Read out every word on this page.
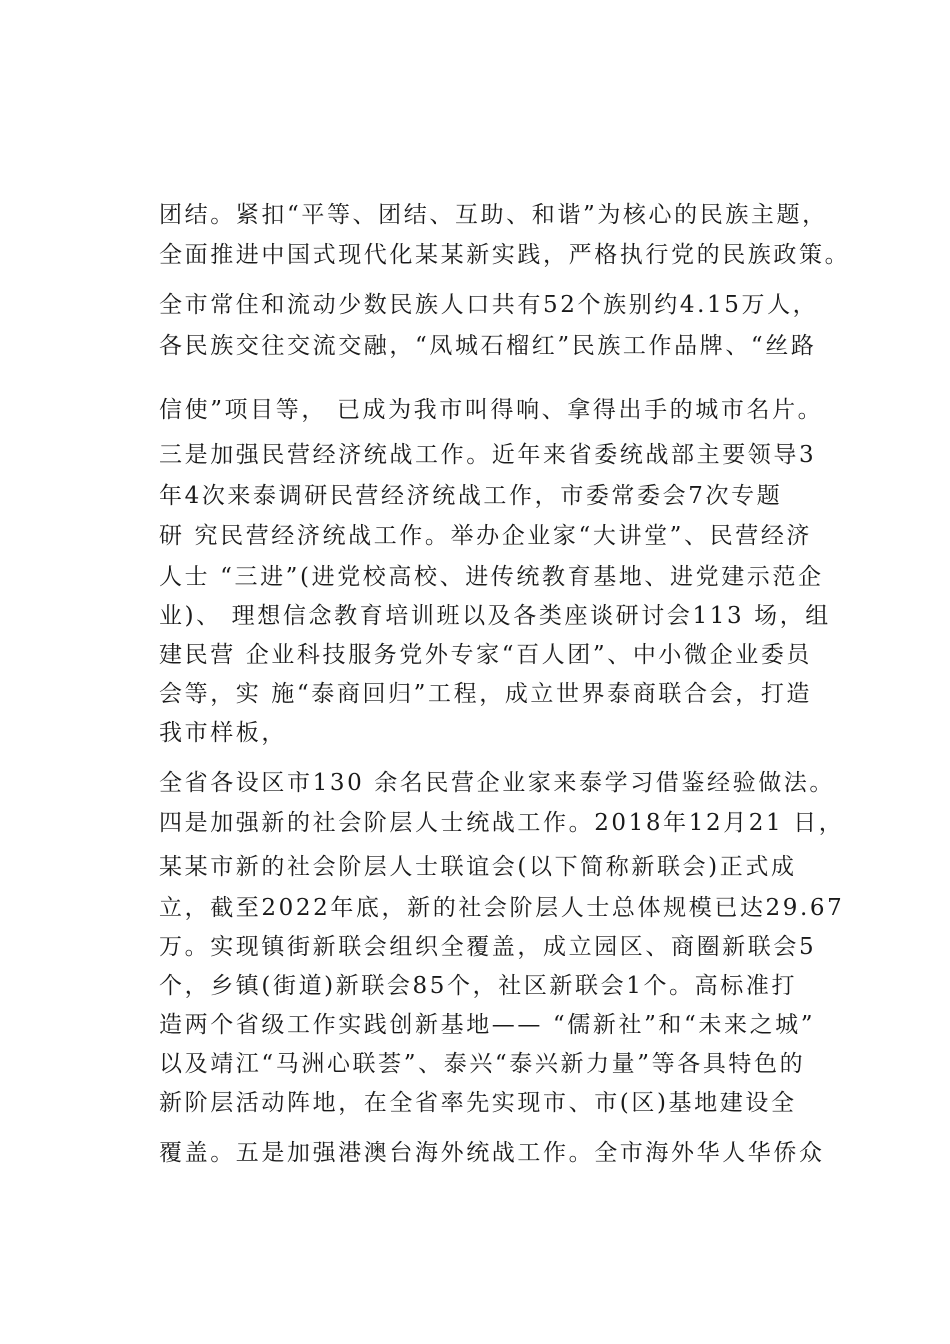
团结。紧扣“平等、团结、互助、和谐”为核心的民族主题，
全面推进中国式现代化某某新实践，严格执行党的民族政策。
全市常住和流动少数民族人口共有52个族别约4.15万人，
各民族交往交流交融，“凤城石榴红”民族工作品牌、“丝路
信使”项目等， 已成为我市叫得响、拿得出手的城市名片。
三是加强民营经济统战工作。近年来省委统战部主要领导3
年4次来泰调研民营经济统战工作，市委常委会7次专题
研 究民营经济统战工作。举办企业家“大讲堂”、民营经济
人士 “三进”(进党校高校、进传统教育基地、进党建示范企
业)、 理想信念教育培训班以及各类座谈研讨会113 场，组
建民营 企业科技服务党外专家“百人团”、中小微企业委员
会等，实 施“泰商回归”工程，成立世界泰商联合会，打造
我市样板，
全省各设区市130 余名民营企业家来泰学习借鉴经验做法。
四是加强新的社会阶层人士统战工作。2018年12月21 日，
某某市新的社会阶层人士联谊会(以下简称新联会)正式成
立，截至2022年底，新的社会阶层人士总体规模已达29.67
万。实现镇街新联会组织全覆盖，成立园区、商圈新联会5
个，乡镇(街道)新联会85个，社区新联会1个。高标准打
造两个省级工作实践创新基地—— “儒新社”和“未来之城”
以及靖江“马洲心联荟”、泰兴“泰兴新力量”等各具特色的
新阶层活动阵地，在全省率先实现市、市(区)基地建设全
覆盖。五是加强港澳台海外统战工作。全市海外华人华侨众
